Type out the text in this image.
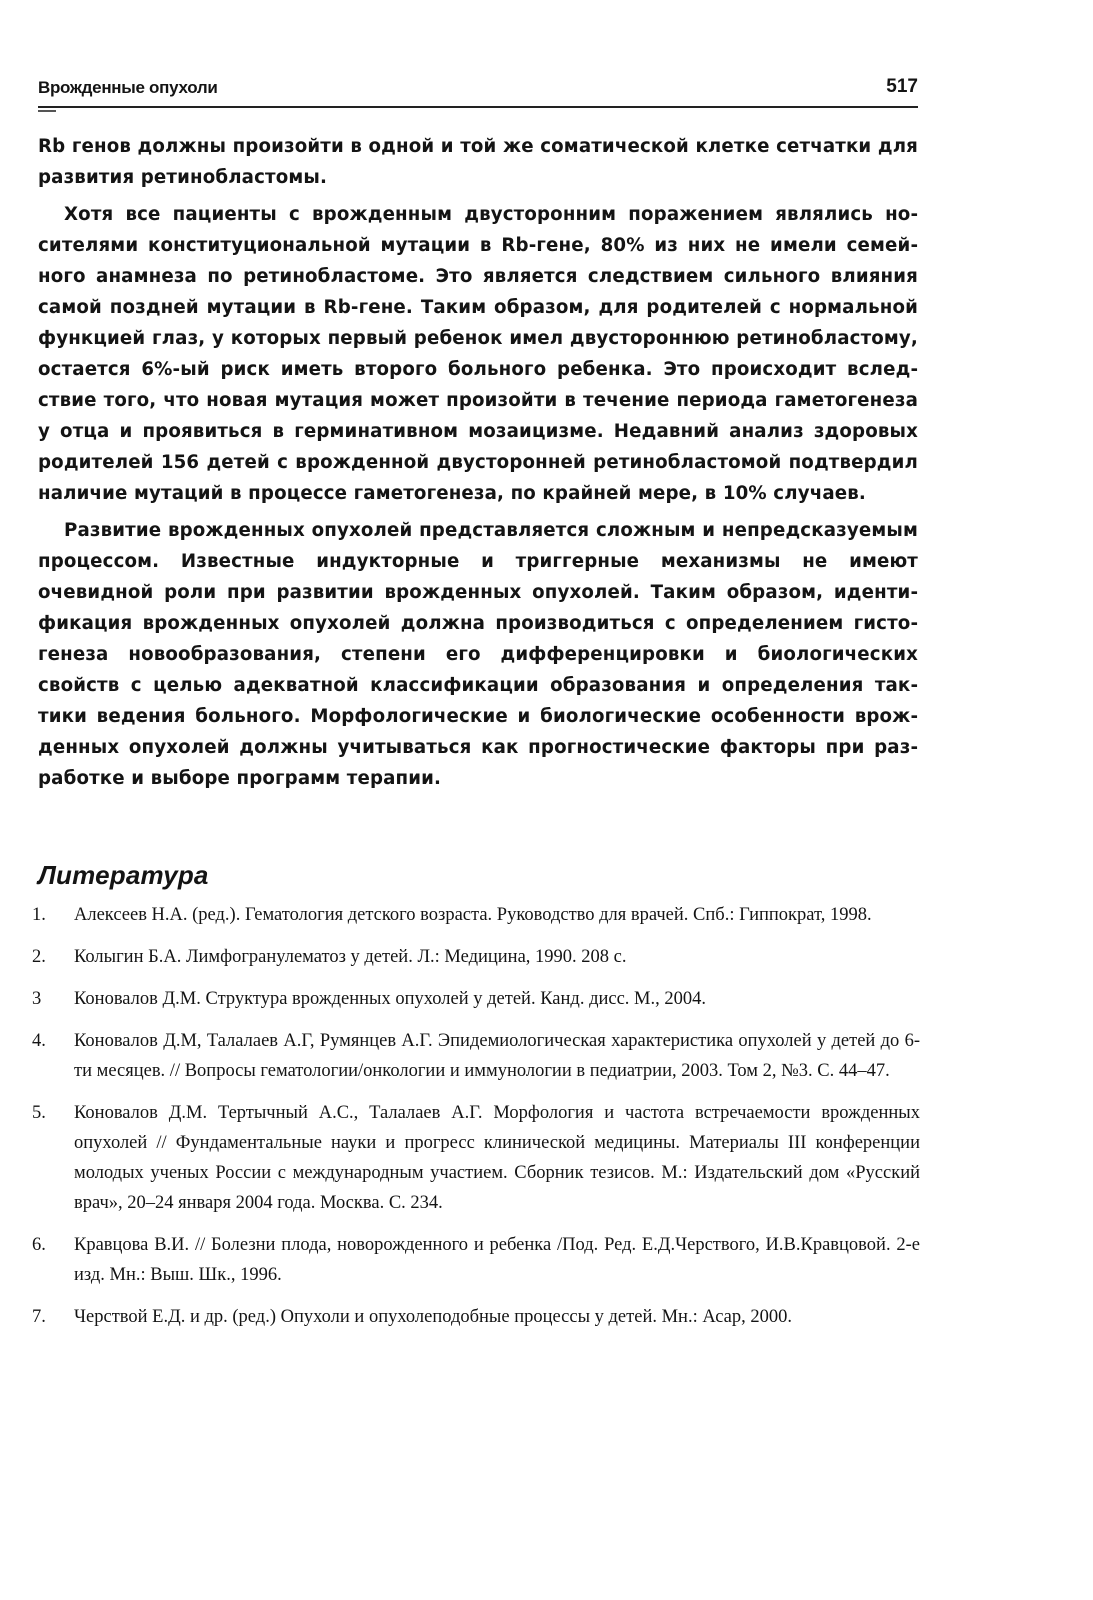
Врожденные опухоли	517

Rb генов должны произойти в одной и той же соматической клетке сетчатки для развития ретинобластомы.

Хотя все пациенты с врожденным двусторонним поражением являлись носителями конституциональной мутации в Rb-гене, 80% из них не имели семейного анамнеза по ретинобластоме. Это является следствием сильного влияния самой поздней мутации в Rb-гене. Таким образом, для родителей с нормальной функцией глаз, у которых первый ребенок имел двустороннюю ретинобластому, остается 6%-ый риск иметь второго больного ребенка. Это происходит вследствие того, что новая мутация может произойти в течение периода гаметогенеза у отца и проявиться в герминативном мозаицизме. Недавний анализ здоровых родителей 156 детей с врожденной двусторонней ретинобластомой подтвердил наличие мутаций в процессе гаметогенеза, по крайней мере, в 10% случаев.

Развитие врожденных опухолей представляется сложным и непредсказуемым процессом. Известные индукторные и триггерные механизмы не имеют очевидной роли при развитии врожденных опухолей. Таким образом, идентификация врожденных опухолей должна производиться с определением гистогенеза новообразования, степени его дифференцировки и биологических свойств с целью адекватной классификации образования и определения тактики ведения больного. Морфологические и биологические особенности врожденных опухолей должны учитываться как прогностические факторы при разработке и выборе программ терапии.

Литература
1. Алексеев Н.А. (ред.). Гематология детского возраста. Руководство для врачей. Спб.: Гиппократ, 1998.
2. Колыгин Б.А. Лимфогранулематоз у детей. Л.: Медицина, 1990. 208 с.
3 Коновалов Д.М. Структура врожденных опухолей у детей. Канд. дисс. М., 2004.
4. Коновалов Д.М, Талалаев А.Г, Румянцев А.Г. Эпидемиологическая характеристика опухолей у детей до 6-ти месяцев. // Вопросы гематологии/онкологии и иммунологии в педиатрии, 2003. Том 2, №3. С. 44–47.
5. Коновалов Д.М. Тертычный А.С., Талалаев А.Г. Морфология и частота встречаемости врожденных опухолей // Фундаментальные науки и прогресс клинической медицины. Материалы III конференции молодых ученых России с международным участием. Сборник тезисов. М.: Издательский дом «Русский врач», 20–24 января 2004 года. Москва. С. 234.
6. Кравцова В.И. // Болезни плода, новорожденного и ребенка /Под. Ред. Е.Д.Черствого, И.В.Кравцовой. 2-е изд. Мн.: Выш. Шк., 1996.
7. Черствой Е.Д. и др. (ред.) Опухоли и опухолеподобные процессы у детей. Мн.: Асар, 2000.
